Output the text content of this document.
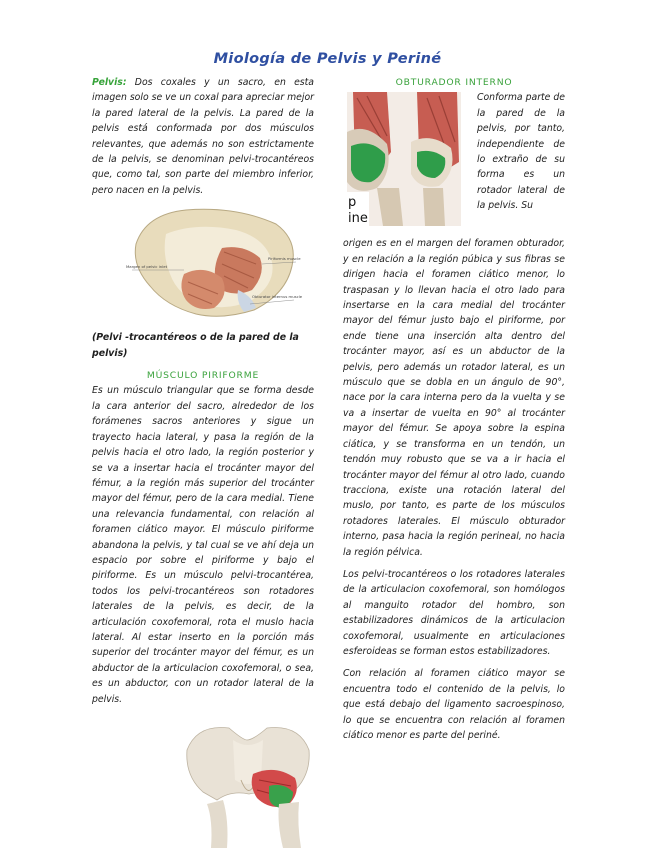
Miología de Pelvis y Periné

Pelvis: Dos coxales y un sacro, en esta imagen solo se ve un coxal para apreciar mejor la pared lateral de la pelvis. La pared de la pelvis está conformada por dos músculos relevantes, que además no son estrictamente de la pelvis, se denominan pelvi-trocantéreos que, como tal, son parte del miembro inferior, pero nacen en la pelvis.

Margen of pelvic inlet
Piriformis muscle
Obturator internus muscle

(Pelvi -trocantéreos o de la pared de la pelvis)

MÚSCULO PIRIFORME

Es un músculo triangular que se forma desde la cara anterior del sacro, alrededor de los forámenes sacros anteriores y sigue un trayecto hacia lateral, y pasa la región de la pelvis hacia el otro lado, la región posterior y se va a insertar hacia el trocánter mayor del fémur, a la región más superior del trocánter mayor del fémur, pero de la cara medial. Tiene una relevancia fundamental, con relación al foramen ciático mayor. El músculo piriforme abandona la pelvis, y tal cual se ve ahí deja un espacio por sobre el piriforme y bajo el piriforme. Es un músculo pelvi-trocantérea, todos los pelvi-trocantéreos son rotadores laterales de la pelvis, es decir, de la articulación coxofemoral, rota el muslo hacia lateral. Al estar inserto en la porción más superior del trocánter mayor del fémur, es un abductor de la articulacion coxofemoral, o sea, es un abductor, con un rotador lateral de la pelvis.

OBTURADOR INTERNO

p
ine

Conforma parte de la pared de la pelvis, por tanto, independiente de lo extraño de su forma es un rotador lateral de la pelvis. Su

origen es en el margen del foramen obturador, y en relación a la región púbica y sus fibras se dirigen hacia el foramen ciático menor, lo traspasan y lo llevan hacia el otro lado para insertarse en la cara medial del trocánter mayor del fémur justo bajo el piriforme, por ende tiene una inserción alta dentro del trocánter mayor, así es un abductor de la pelvis, pero además un rotador lateral, es un músculo que se dobla en un ángulo de 90°, nace por la cara interna pero da la vuelta y se va a insertar de vuelta en 90° al trocánter mayor del fémur. Se apoya sobre la espina ciática, y se transforma en un tendón, un tendón muy robusto que se va a ir hacia el trocánter mayor del fémur al otro lado, cuando tracciona, existe una rotación lateral del muslo, por tanto, es parte de los músculos rotadores laterales. El músculo obturador interno, pasa hacia la región perineal, no hacia la región pélvica.

Los pelvi-trocantéreos o los rotadores laterales de la articulacion coxofemoral, son homólogos al manguito rotador del hombro, son estabilizadores dinámicos de la articulacion coxofemoral, usualmente en articulaciones esferoideas se forman estos estabilizadores.

Con relación al foramen ciático mayor se encuentra todo el contenido de la pelvis, lo que está debajo del ligamento sacroespinoso, lo que se encuentra con relación al foramen ciático menor es parte del periné.
